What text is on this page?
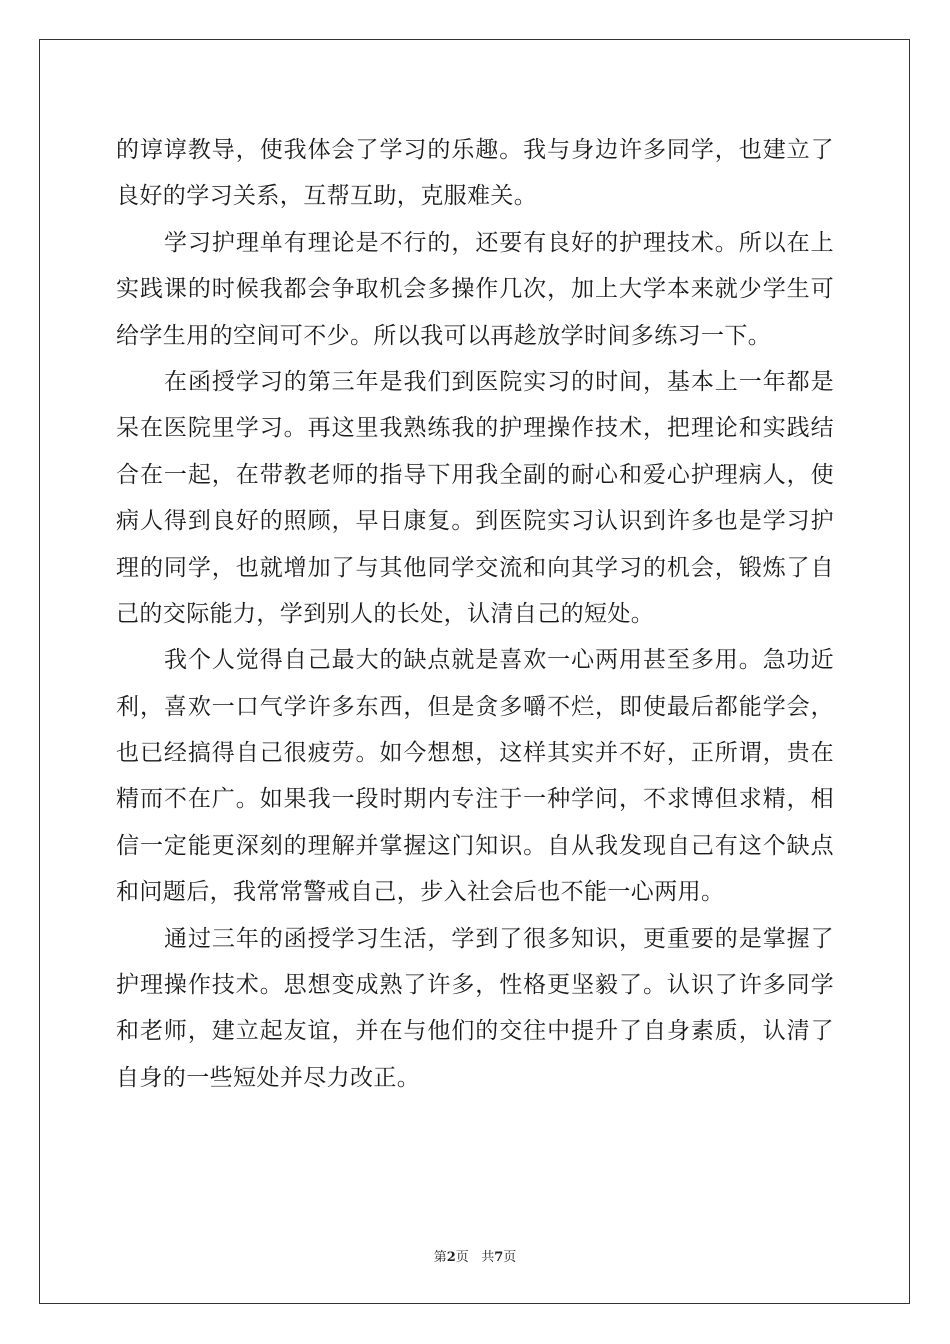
的谆谆教导，使我体会了学习的乐趣。我与身边许多同学，也建立了
良好的学习关系，互帮互助，克服难关。
学习护理单有理论是不行的，还要有良好的护理技术。所以在上
实践课的时候我都会争取机会多操作几次，加上大学本来就少学生可
给学生用的空间可不少。所以我可以再趁放学时间多练习一下。
在函授学习的第三年是我们到医院实习的时间，基本上一年都是
呆在医院里学习。再这里我熟练我的护理操作技术，把理论和实践结
合在一起，在带教老师的指导下用我全副的耐心和爱心护理病人，使
病人得到良好的照顾，早日康复。到医院实习认识到许多也是学习护
理的同学，也就增加了与其他同学交流和向其学习的机会，锻炼了自
己的交际能力，学到别人的长处，认清自己的短处。
我个人觉得自己最大的缺点就是喜欢一心两用甚至多用。急功近
利，喜欢一口气学许多东西，但是贪多嚼不烂，即使最后都能学会，
也已经搞得自己很疲劳。如今想想，这样其实并不好，正所谓，贵在
精而不在广。如果我一段时期内专注于一种学问，不求博但求精，相
信一定能更深刻的理解并掌握这门知识。自从我发现自己有这个缺点
和问题后，我常常警戒自己，步入社会后也不能一心两用。
通过三年的函授学习生活，学到了很多知识，更重要的是掌握了
护理操作技术。思想变成熟了许多，性格更坚毅了。认识了许多同学
和老师，建立起友谊，并在与他们的交往中提升了自身素质，认清了
自身的一些短处并尽力改正。
第2页 共7页
